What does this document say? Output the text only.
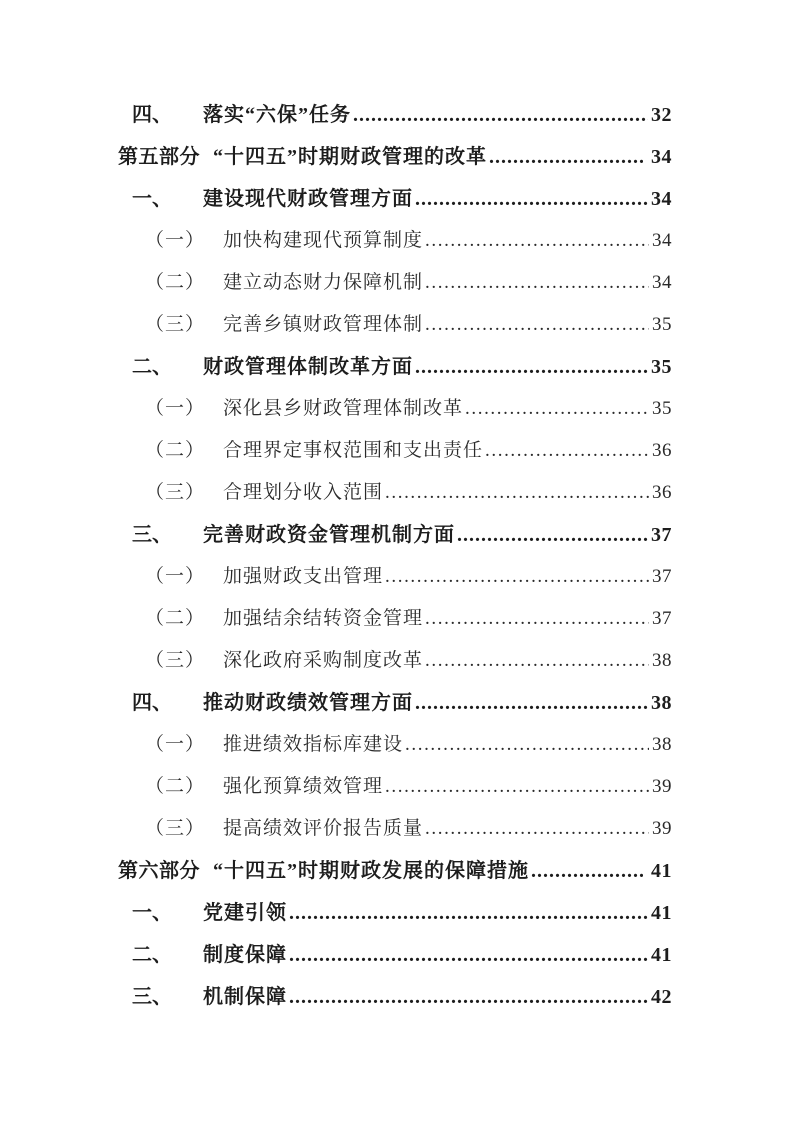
四、	落实“六保”任务 .....	32
第五部分 “十四五”时期财政管理的改革 .....	34
一、	建设现代财政管理方面 .....	34
（一） 加快构建现代预算制度 .....	34
（二） 建立动态财力保障机制 .....	34
（三） 完善乡镇财政管理体制 .....	35
二、	财政管理体制改革方面 .....	35
（一） 深化县乡财政管理体制改革 .....	35
（二） 合理界定事权范围和支出责任 .....	36
（三） 合理划分收入范围 .....	36
三、	完善财政资金管理机制方面 .....	37
（一） 加强财政支出管理 .....	37
（二） 加强结余结转资金管理 .....	37
（三） 深化政府采购制度改革 .....	38
四、	推动财政绩效管理方面 .....	38
（一） 推进绩效指标库建设 .....	38
（二） 强化预算绩效管理 .....	39
（三） 提高绩效评价报告质量 .....	39
第六部分 “十四五”时期财政发展的保障措施 .....	41
一、	党建引领 .....	41
二、	制度保障 .....	41
三、	机制保障 .....	42
